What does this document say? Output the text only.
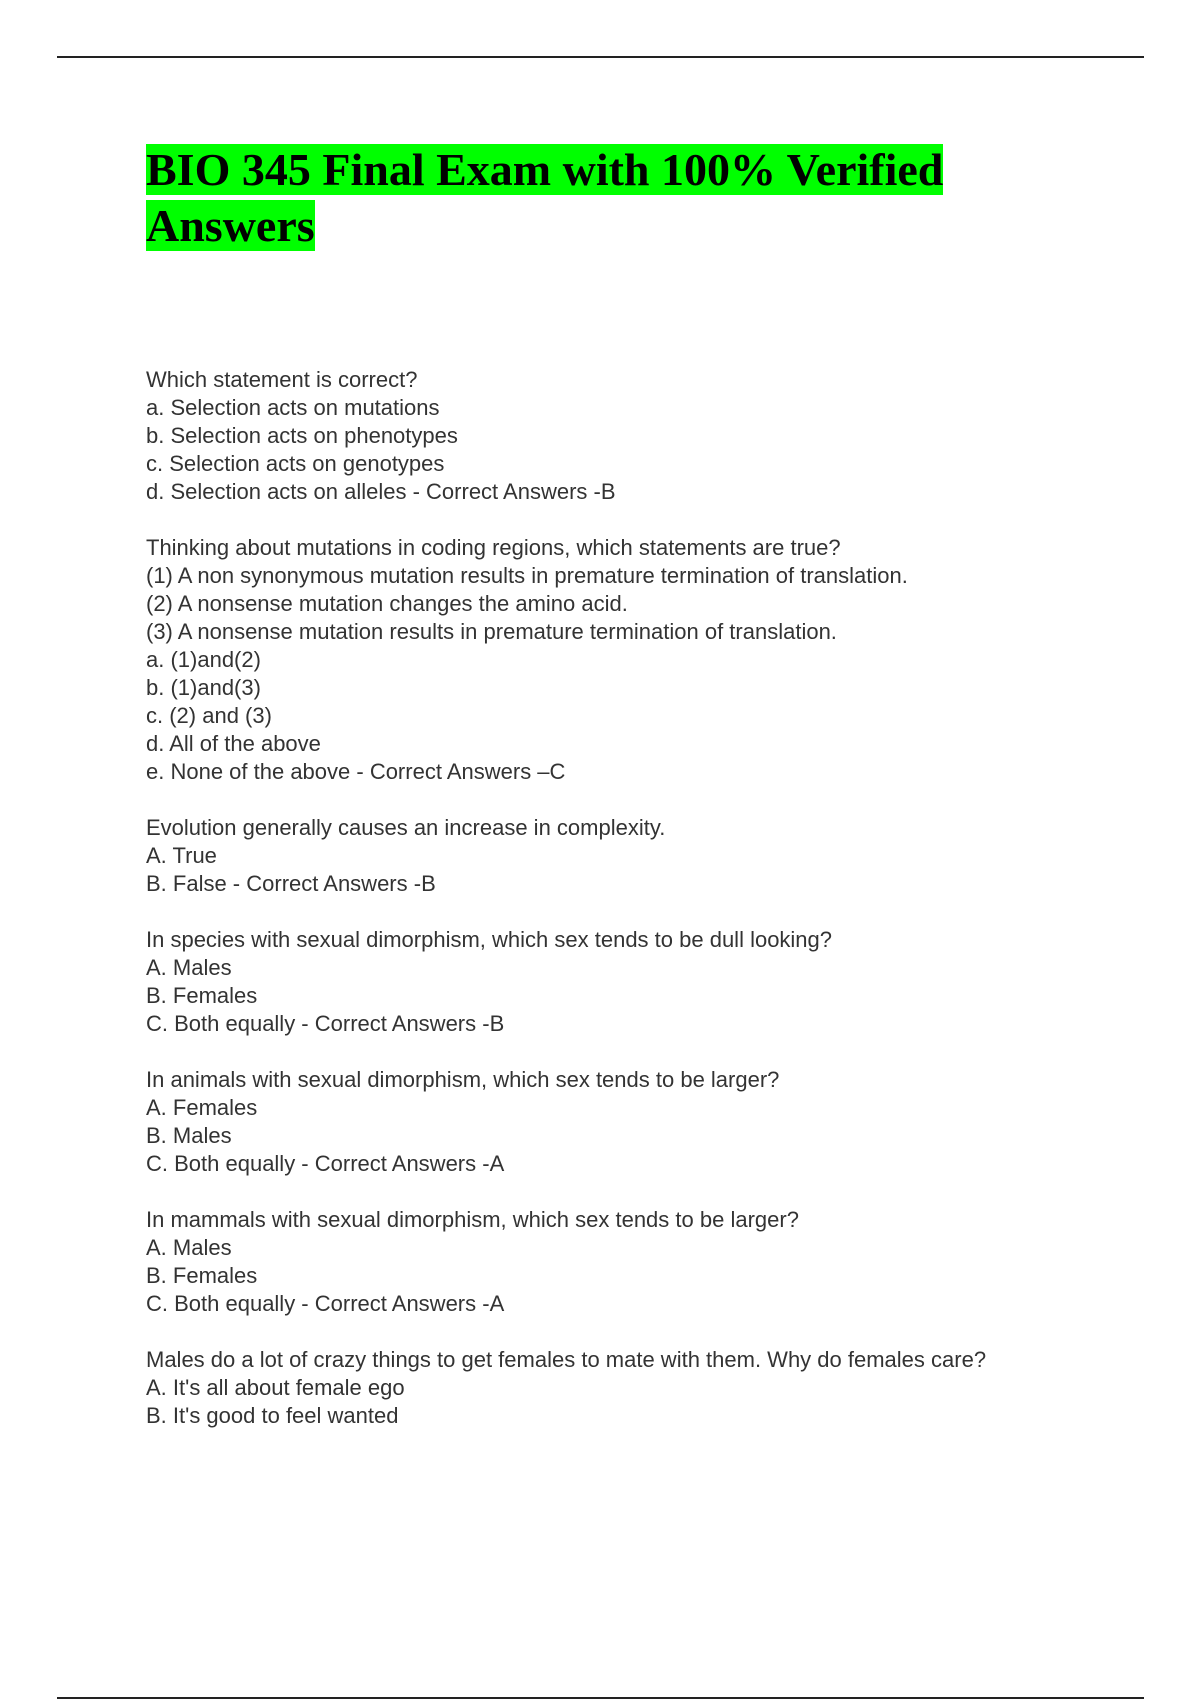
BIO 345 Final Exam with 100% Verified Answers
Which statement is correct?
a. Selection acts on mutations
b. Selection acts on phenotypes
c. Selection acts on genotypes
d. Selection acts on alleles - Correct Answers -B
Thinking about mutations in coding regions, which statements are true?
(1) A non synonymous mutation results in premature termination of translation.
(2) A nonsense mutation changes the amino acid.
(3) A nonsense mutation results in premature termination of translation.
a. (1)and(2)
b. (1)and(3)
c. (2) and (3)
d. All of the above
e. None of the above - Correct Answers –C
Evolution generally causes an increase in complexity.
A. True
B. False - Correct Answers -B
In species with sexual dimorphism, which sex tends to be dull looking?
A. Males
B. Females
C. Both equally - Correct Answers -B
In animals with sexual dimorphism, which sex tends to be larger?
A. Females
B. Males
C. Both equally - Correct Answers -A
In mammals with sexual dimorphism, which sex tends to be larger?
A. Males
B. Females
C. Both equally - Correct Answers -A
Males do a lot of crazy things to get females to mate with them. Why do females care?
A. It's all about female ego
B. It's good to feel wanted
